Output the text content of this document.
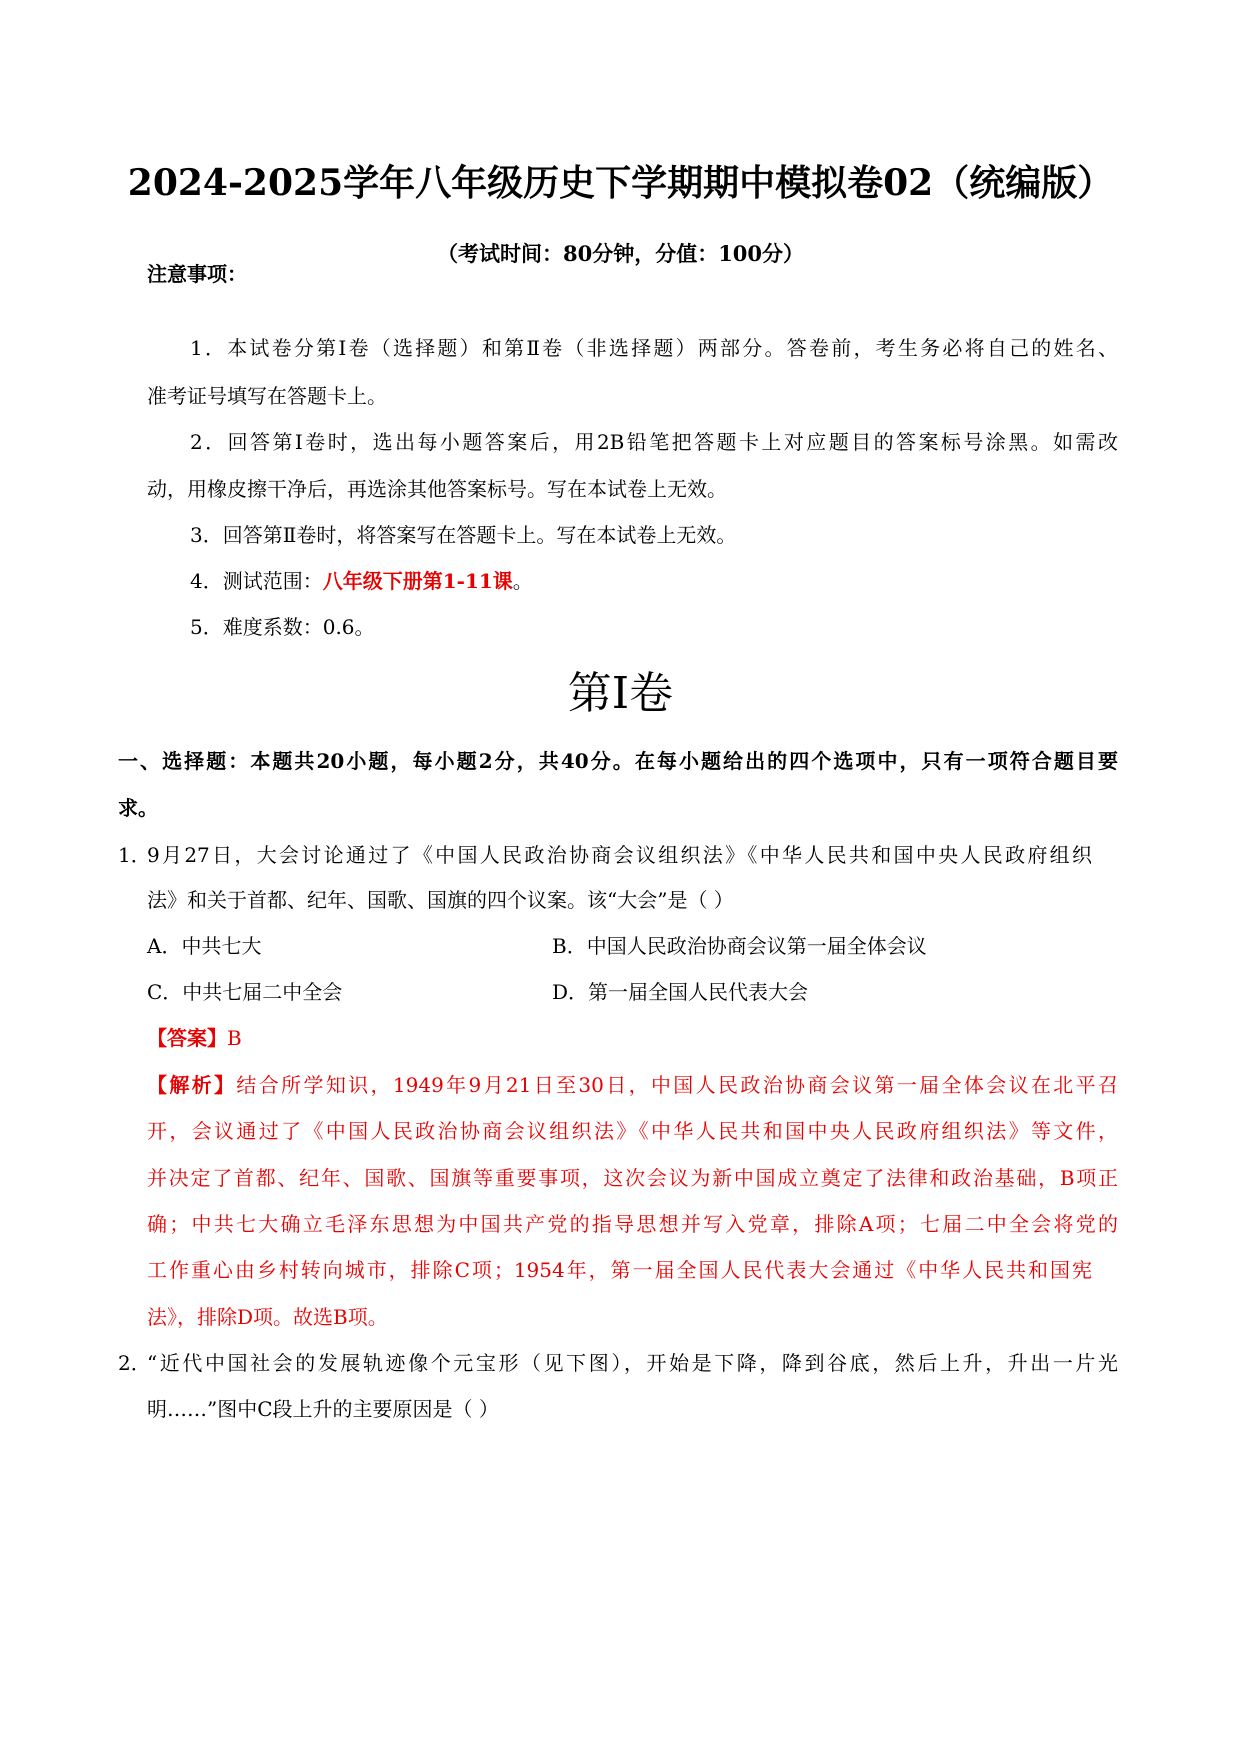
2024-2025学年八年级历史下学期期中模拟卷02（统编版）
（考试时间：80分钟，分值：100分）
注意事项：
1．本试卷分第Ⅰ卷（选择题）和第Ⅱ卷（非选择题）两部分。答卷前，考生务必将自己的姓名、
准考证号填写在答题卡上。
2．回答第Ⅰ卷时，选出每小题答案后，用2B铅笔把答题卡上对应题目的答案标号涂黑。如需改
动，用橡皮擦干净后，再选涂其他答案标号。写在本试卷上无效。
3．回答第Ⅱ卷时，将答案写在答题卡上。写在本试卷上无效。
4．测试范围：八年级下册第1-11课。
5．难度系数：0.6。
第Ⅰ卷
一、选择题：本题共20小题，每小题2分，共40分。在每小题给出的四个选项中，只有一项符合题目要
求。
1．
9月27日，大会讨论通过了《中国人民政治协商会议组织法》《中华人民共和国中央人民政府组织
法》和关于首都、纪年、国歌、国旗的四个议案。该“大会”是（ ）
A．中共七大	B．中国人民政治协商会议第一届全体会议
C．中共七届二中全会	D．第一届全国人民代表大会
【答案】B
【解析】结合所学知识，1949年9月21日至30日，中国人民政治协商会议第一届全体会议在北平召
开，会议通过了《中国人民政治协商会议组织法》《中华人民共和国中央人民政府组织法》等文件，
并决定了首都、纪年、国歌、国旗等重要事项，这次会议为新中国成立奠定了法律和政治基础，B项正
确；中共七大确立毛泽东思想为中国共产党的指导思想并写入党章，排除A项；七届二中全会将党的
工作重心由乡村转向城市，排除C项；1954年，第一届全国人民代表大会通过《中华人民共和国宪
法》，排除D项。故选B项。
2．
“近代中国社会的发展轨迹像个元宝形（见下图），开始是下降，降到谷底，然后上升，升出一片光
明……”图中C段上升的主要原因是（ ）
